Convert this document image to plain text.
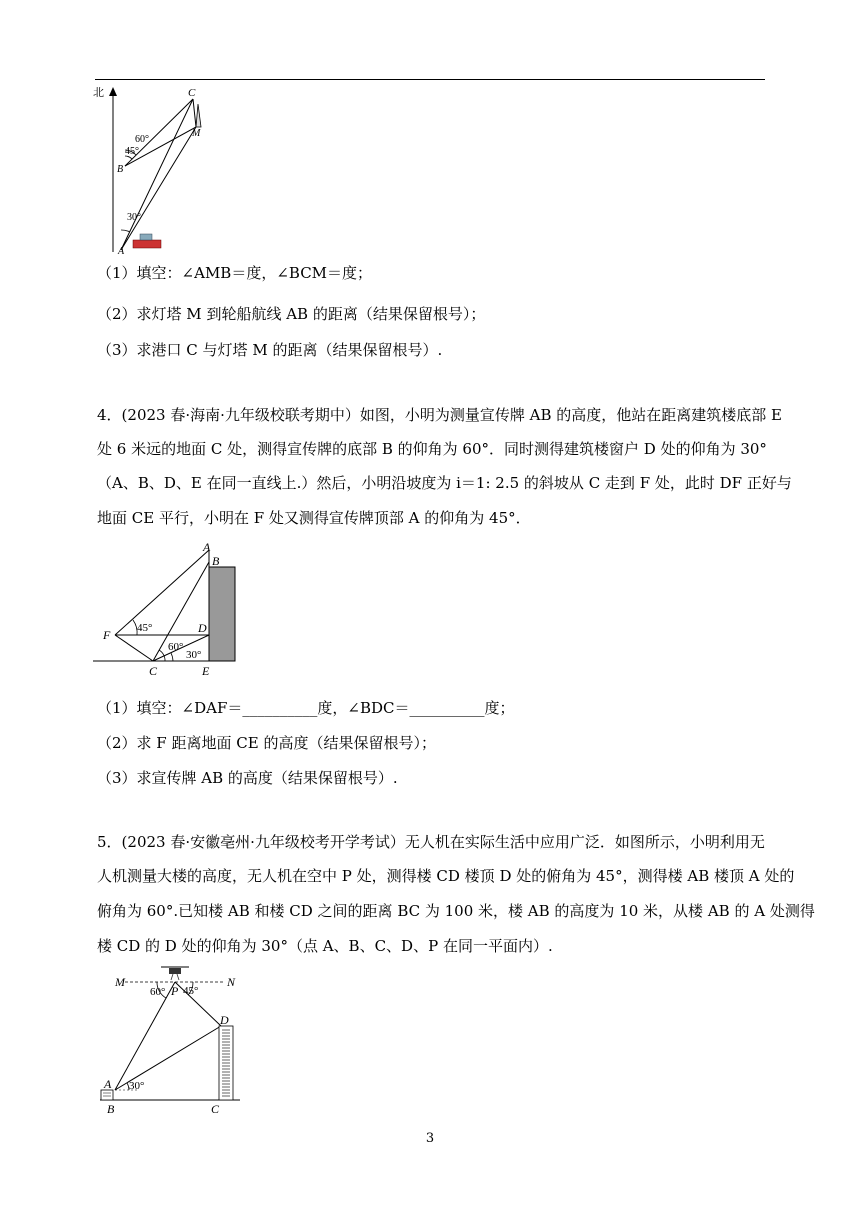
北	C
M
B
A
60°
45°
30°
（1）填空：∠AMB＝度，∠BCM＝度；
（2）求灯塔 M 到轮船航线 AB 的距离（结果保留根号）；
（3）求港口 C 与灯塔 M 的距离（结果保留根号）.
4．(2023 春·海南·九年级校联考期中）如图，小明为测量宣传牌 AB 的高度，他站在距离建筑楼底部 E
处 6 米远的地面 C 处，测得宣传牌的底部 B 的仰角为 60°．同时测得建筑楼窗户 D 处的仰角为 30°
（A、B、D、E 在同一直线上.）然后，小明沿坡度为 i＝1: 2.5 的斜坡从 C 走到 F 处，此时 DF 正好与
地面 CE 平行，小明在 F 处又测得宣传牌顶部 A 的仰角为 45°．
A
B
F	D
C	E
45°
60°
30°
（1）填空：∠DAF＝__________度，∠BDC＝__________度；
（2）求 F 距离地面 CE 的高度（结果保留根号）；
（3）求宣传牌 AB 的高度（结果保留根号）.
5．(2023 春·安徽亳州·九年级校考开学考试）无人机在实际生活中应用广泛．如图所示，小明利用无
人机测量大楼的高度，无人机在空中 P 处，测得楼 CD 楼顶 D 处的俯角为 45°，测得楼 AB 楼顶 A 处的
俯角为 60°.已知楼 AB 和楼 CD 之间的距离 BC 为 100 米，楼 AB 的高度为 10 米，从楼 AB 的 A 处测得
楼 CD 的 D 处的仰角为 30°（点 A、B、C、D、P 在同一平面内）.
M	N
P
D
A
B	C
60° 45°
30°
3
